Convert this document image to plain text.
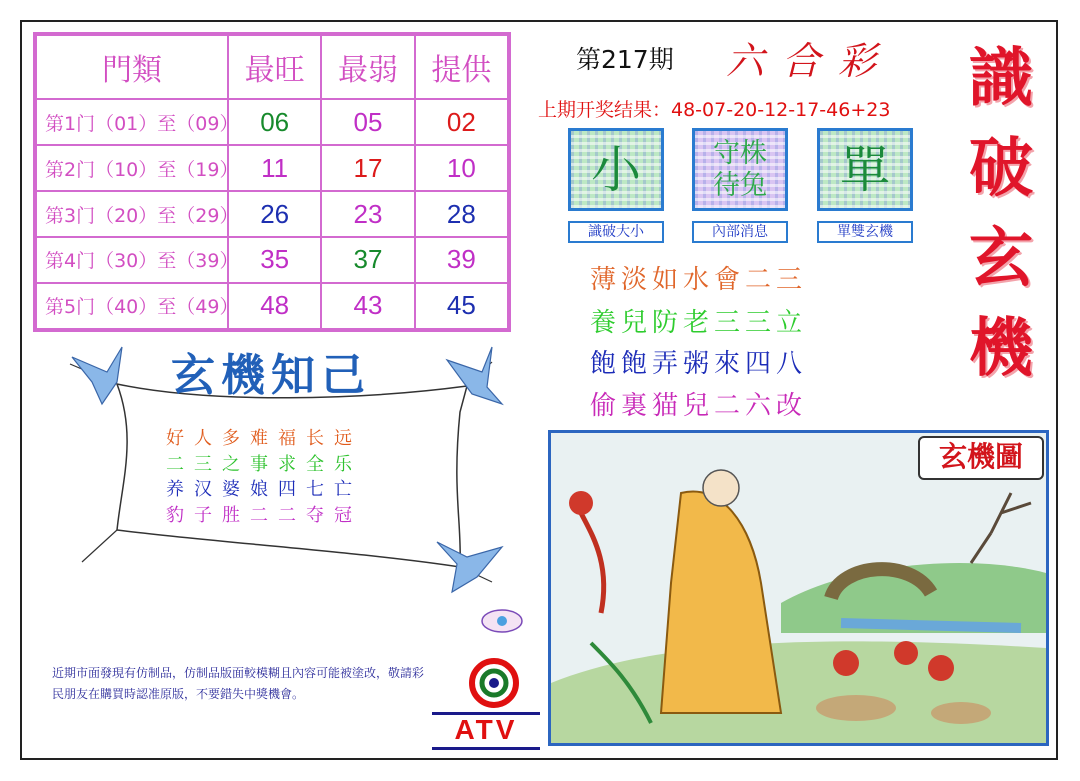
門類	最旺	最弱	提供
第1门（01）至（09）	06	05	02
第2门（10）至（19）	11	17	10
第3门（20）至（29）	26	23	28
第4门（30）至（39）	35	37	39
第5门（40）至（49）	48	43	45
第217期 六合彩
上期开奖结果：48-07-20-12-17-46+23 識
破
玄
機
小
識破大小
守株
待兔
內部消息
單
單雙玄機
薄淡如水會二三
養兒防老三三立
飽飽弄粥來四八
偷裏猫兒二六改
玄機知己
好人多难福长远
二三之事求全乐
养汉婆娘四七亡
豹子胜二二夺冠
近期市面發現有仿制品，仿制品版面較模糊且內容可能被塗改，敬請彩民朋友在購買時認准原版，不要錯失中獎機會。
ATV
玄機圖
